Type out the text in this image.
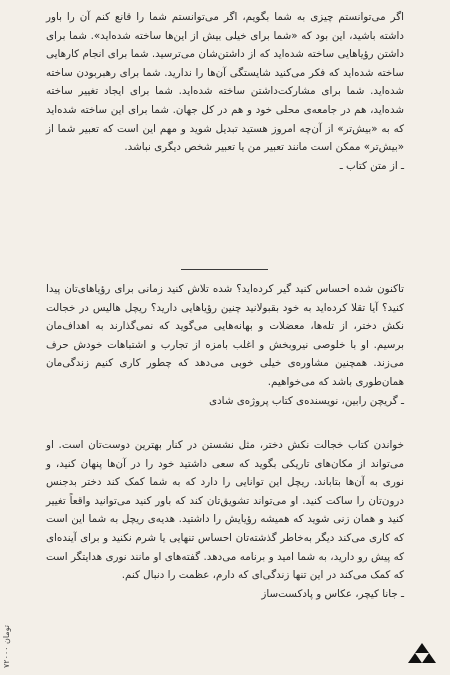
اگر می‌توانستم چیزی به شما بگویم، اگر می‌توانستم شما را قانع کنم آن را باور داشته باشید، این بود که «شما برای خیلی بیش از این‌ها ساخته شده‌اید». شما برای داشتن رؤیاهایی ساخته شده‌اید که از داشتن‌شان می‌ترسید. شما برای انجام کارهایی ساخته شده‌اید که فکر می‌کنید شایستگی آن‌ها را ندارید. شما برای رهبربودن ساخته شده‌اید. شما برای مشارکت‌داشتن ساخته شده‌اید. شما برای ایجاد تغییر ساخته شده‌اید، هم در جامعه‌ی محلی خود و هم در کل جهان. شما برای این ساخته شده‌اید که به «بیش‌تر» از آن‌چه امروز هستید تبدیل شوید و مهم این است که تعبیر شما از «بیش‌تر» ممکن است مانند تعبیر من یا تعبیر شخص دیگری نباشد.

ـ از متن کتاب ـ

تاکنون شده احساس کنید گیر کرده‌اید؟ شده تلاش کنید زمانی برای رؤیاهای‌تان پیدا کنید؟ آیا تقلا کرده‌اید به خود بقبولانید چنین رؤیاهایی دارید؟ ریچل هالیس در خجالت نکش دختر، از تله‌ها، معضلات و بهانه‌هایی می‌گوید که نمی‌گذارند به اهداف‌مان برسیم. او با خلوصی نیروبخش و اغلب بامزه از تجارب و اشتباهات خودش حرف می‌زند. همچنین مشاوره‌ی خیلی خوبی می‌دهد که چطور کاری کنیم زندگی‌مان همان‌طوری باشد که می‌خواهیم.

ـ گریچن رابین، نویسنده‌ی کتاب پروژه‌ی شادی

خواندن کتاب خجالت نکش دختر، مثل نشستن در کنار بهترین دوست‌تان است. او می‌تواند از مکان‌های تاریکی بگوید که سعی داشتید خود را در آن‌ها پنهان کنید، و نوری به آن‌ها بتاباند. ریچل این توانایی را دارد که به شما کمک کند دختر بدجنس درون‌تان را ساکت کنید. او می‌تواند تشویق‌تان کند که باور کنید می‌توانید واقعاً تغییر کنید و همان زنی شوید که همیشه رؤیایش را داشتید. هدیه‌ی ریچل به شما این است که کاری می‌کند دیگر به‌خاطر گذشته‌تان احساس تنهایی یا شرم نکنید و برای آینده‌ای که پیش رو دارید، به شما امید و برنامه می‌دهد. گفته‌های او مانند نوری هدایتگر است که کمک می‌کند در این تنها زندگی‌ای که دارم، عظمت را دنبال کنم.

ـ جانا کیچر، عکاس و پادکست‌ساز

۷۲۰۰۰ تومان
